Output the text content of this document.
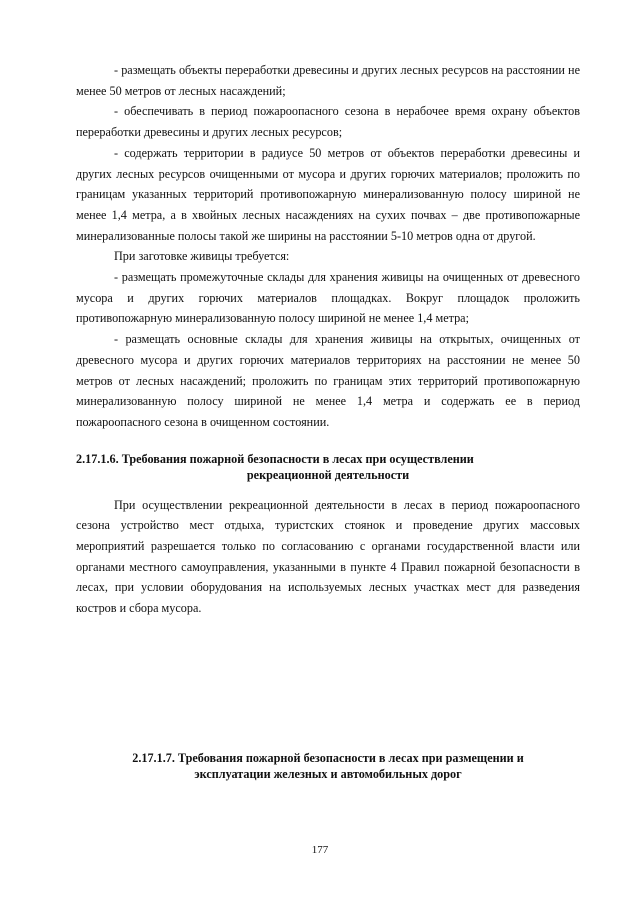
- размещать объекты переработки древесины и других лесных ресурсов на расстоянии не менее 50 метров от лесных насаждений;

- обеспечивать в период пожароопасного сезона в нерабочее время охрану объектов переработки древесины и других лесных ресурсов;

- содержать территории в радиусе 50 метров от объектов переработки древесины и других лесных ресурсов очищенными от мусора и других горючих материалов; проложить по границам указанных территорий противопожарную минерализованную полосу шириной не менее 1,4 метра, а в хвойных лесных насаждениях на сухих почвах – две противопожарные минерализованные полосы такой же ширины на расстоянии 5-10 метров одна от другой.

При заготовке живицы требуется:

- размещать промежуточные склады для хранения живицы на очищенных от древесного мусора и других горючих материалов площадках. Вокруг площадок проложить противопожарную минерализованную полосу шириной не менее 1,4 метра;

- размещать основные склады для хранения живицы на открытых, очищенных от древесного мусора и других горючих материалов территориях на расстоянии не менее 50 метров от лесных насаждений; проложить по границам этих территорий противопожарную минерализованную полосу шириной не менее 1,4 метра и содержать ее в период пожароопасного сезона в очищенном состоянии.

2.17.1.6. Требования пожарной безопасности в лесах при осуществлении
рекреационной деятельности

При осуществлении рекреационной деятельности в лесах в период пожароопасного сезона устройство мест отдыха, туристских стоянок и проведение других массовых мероприятий разрешается только по согласованию с органами государственной власти или органами местного самоуправления, указанными в пункте 4 Правил пожарной безопасности в лесах, при условии оборудования на используемых лесных участках мест для разведения костров и сбора мусора.

2.17.1.7. Требования пожарной безопасности в лесах при размещении и
эксплуатации железных и автомобильных дорог
177
